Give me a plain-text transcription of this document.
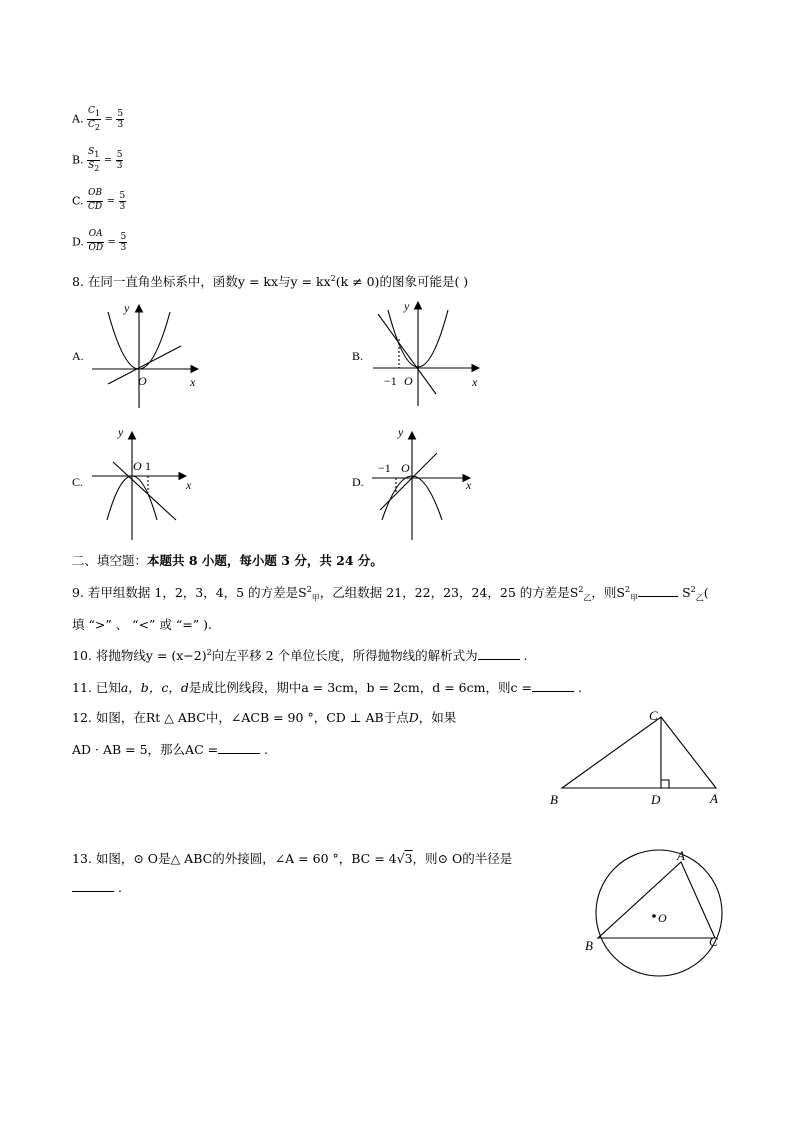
A. $\frac{C_1}{C_2} = \frac{5}{3}$
B. $\frac{S_1}{S_2} = \frac{5}{3}$
C. $\frac{OB}{CD} = \frac{5}{3}$
D. $\frac{OA}{OD} = \frac{5}{3}$
8. 在同一直角坐标系中，函数y = kx与$y = kx^2(k \ne 0)$的图象可能是( )
A.	B.
C.	D.
y
O	x
y
−1 O	x
y
O 1
x
y
−1 O
x
二、填空题：本题共 8 小题，每小题 3 分，共 24 分。
9. 若甲组数据 1，2，3，4，5 的方差是$S^2_甲$，乙组数据 21，22，23，24，25 的方差是$S^2_乙$，则$S^2_甲$	$S^2_乙$(
填 “>” 、 “<” 或 “=” ).
10. 将抛物线$y = (x-2)^2$向左平移 2 个单位长度，所得抛物线的解析式为	.
11. 已知a，b，c，d是成比例线段，期中a = 3cm，b = 2cm，d = 6cm，则c =	.
12. 如图，在Rt △ ABC中，∠ACB = 90 °，CD ⊥ AB于点D，如果
AD · AB = 5，那么AC =	.
C
B	D	A
13. 如图，⊙ O是△ ABC的外接圆，∠A = 60 °，BC = 4√3，则⊙ O的半径是
.
A
B	C
O
